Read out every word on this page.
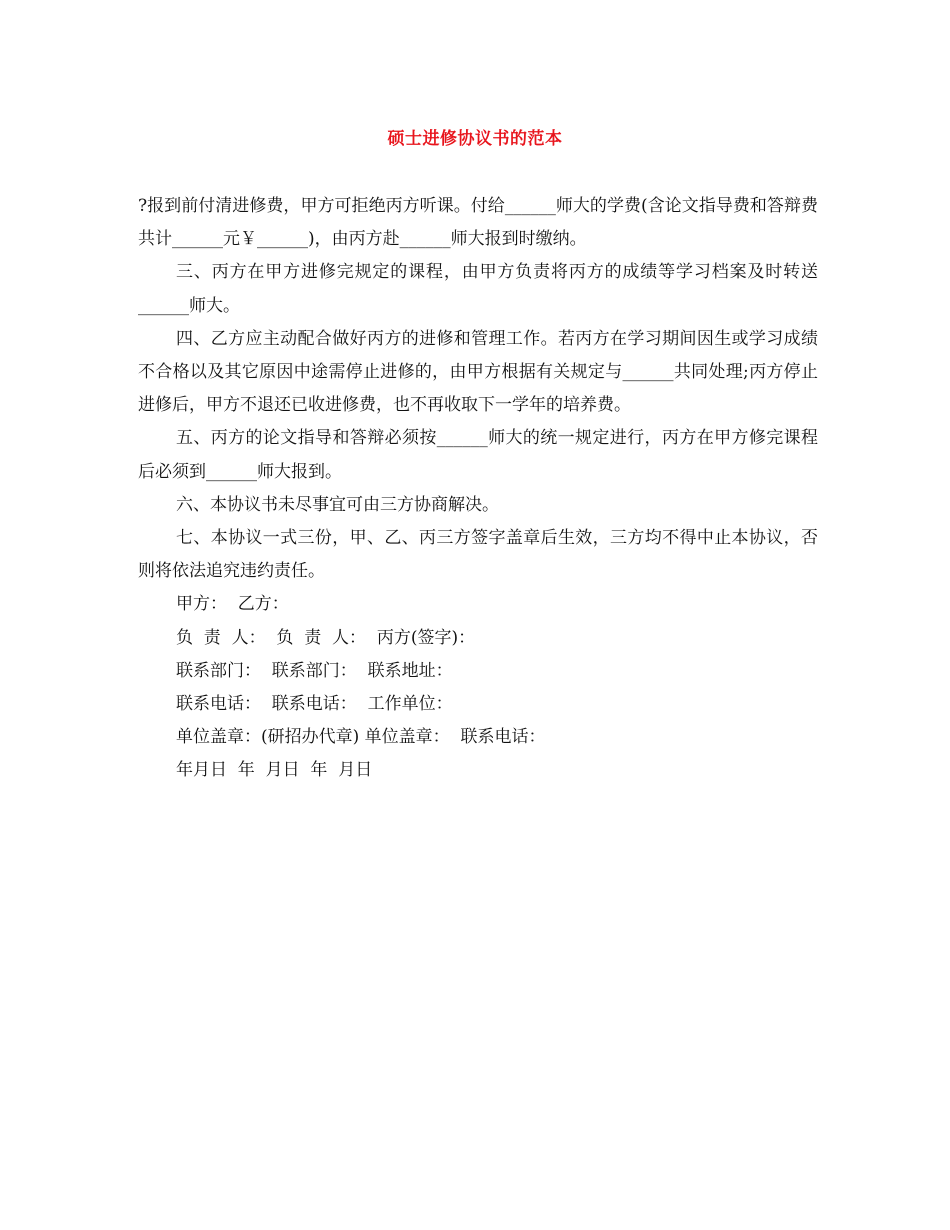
硕士进修协议书的范本

?报到前付清进修费，甲方可拒绝丙方听课。付给______师大的学费(含论文指导费和答辩费共计______元￥______)，由丙方赴______师大报到时缴纳。

三、丙方在甲方进修完规定的课程，由甲方负责将丙方的成绩等学习档案及时转送______师大。

四、乙方应主动配合做好丙方的进修和管理工作。若丙方在学习期间因生或学习成绩不合格以及其它原因中途需停止进修的，由甲方根据有关规定与______共同处理;丙方停止进修后，甲方不退还已收进修费，也不再收取下一学年的培养费。

五、丙方的论文指导和答辩必须按______师大的统一规定进行，丙方在甲方修完课程后必须到______师大报到。

六、本协议书未尽事宜可由三方协商解决。

七、本协议一式三份，甲、乙、丙三方签字盖章后生效，三方均不得中止本协议，否则将依法追究违约责任。

甲方：  乙方：

负  责  人：  负  责  人：  丙方(签字)：

联系部门：  联系部门：  联系地址：

联系电话：  联系电话：  工作单位：

单位盖章：(研招办代章) 单位盖章：  联系电话：

年月日  年  月日  年  月日
